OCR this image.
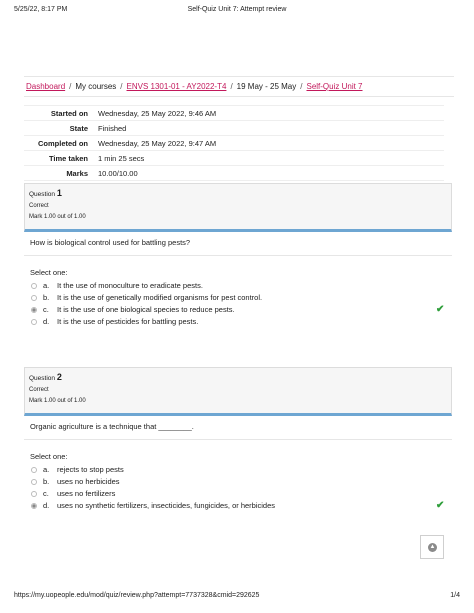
5/25/22, 8:17 PM	Self-Quiz Unit 7: Attempt review
Dashboard / My courses / ENVS 1301-01 - AY2022-T4 / 19 May - 25 May / Self-Quiz Unit 7
Started on	Wednesday, 25 May 2022, 9:46 AM
State	Finished
Completed on	Wednesday, 25 May 2022, 9:47 AM
Time taken	1 min 25 secs
Marks	10.00/10.00

Question 1
Correct
Mark 1.00 out of 1.00
How is biological control used for battling pests?
Select one:
a. It the use of monoculture to eradicate pests.
b. It is the use of genetically modified organisms for pest control.
c. It is the use of one biological species to reduce pests.	✔
d. It is the use of pesticides for battling pests.
Question 2
Correct
Mark 1.00 out of 1.00
Organic agriculture is a technique that ________.
Select one:
a. rejects to stop pests
b. uses no herbicides
c. uses no fertilizers
d. uses no synthetic fertilizers, insecticides, fungicides, or herbicides	✔
▲
https://my.uopeople.edu/mod/quiz/review.php?attempt=7737328&cmid=292625	1/4
